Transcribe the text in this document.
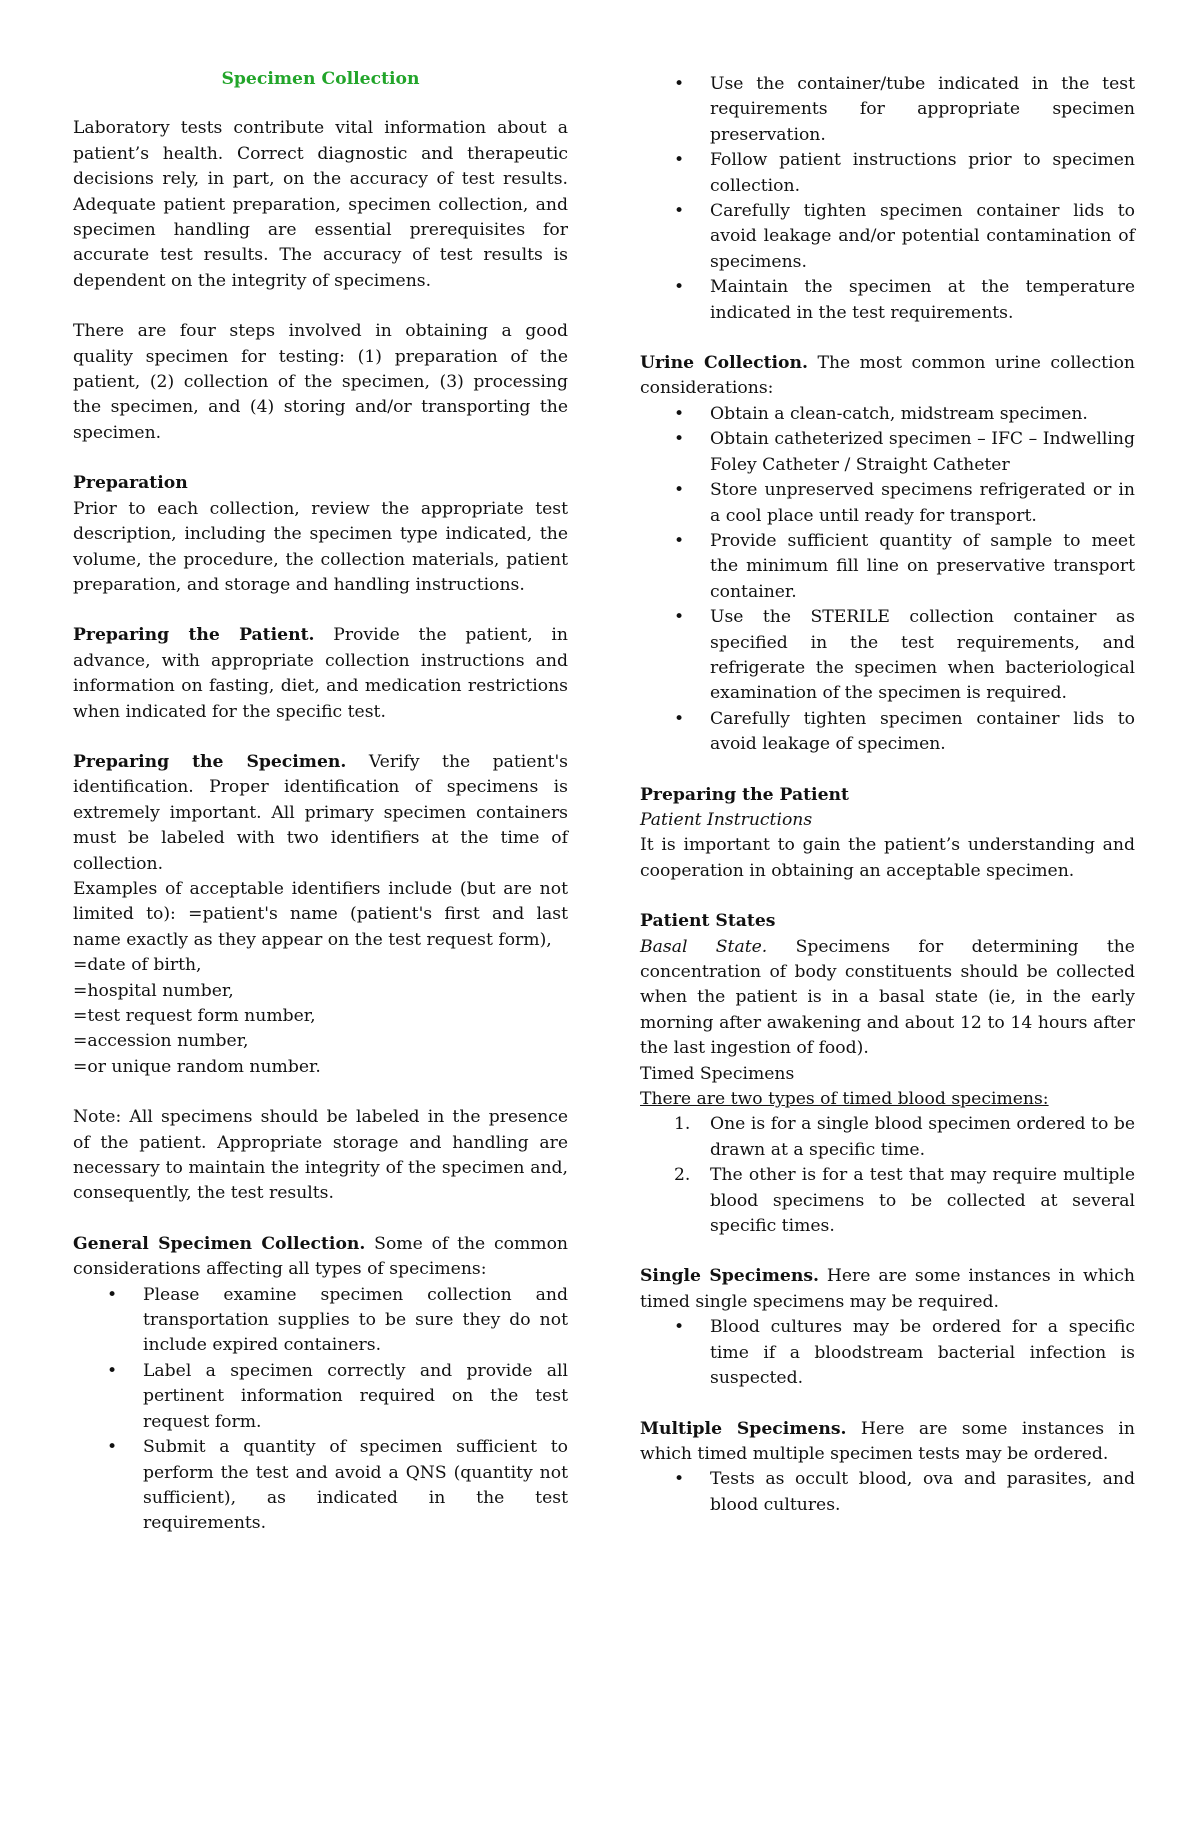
Specimen Collection

Laboratory tests contribute vital information about a patient’s health. Correct diagnostic and therapeutic decisions rely, in part, on the accuracy of test results. Adequate patient preparation, specimen collection, and specimen handling are essential prerequisites for accurate test results. The accuracy of test results is dependent on the integrity of specimens.

There are four steps involved in obtaining a good quality specimen for testing: (1) preparation of the patient, (2) collection of the specimen, (3) processing the specimen, and (4) storing and/or transporting the specimen.

Preparation

Prior to each collection, review the appropriate test description, including the specimen type indicated, the volume, the procedure, the collection materials, patient preparation, and storage and handling instructions.

Preparing the Patient. Provide the patient, in advance, with appropriate collection instructions and information on fasting, diet, and medication restrictions when indicated for the specific test.

Preparing the Specimen. Verify the patient's identification. Proper identification of specimens is extremely important. All primary specimen containers must be labeled with two identifiers at the time of collection.

Examples of acceptable identifiers include (but are not limited to): =patient's name (patient's first and last name exactly as they appear on the test request form),

=date of birth,

=hospital number,

=test request form number,

=accession number,

=or unique random number.

Note: All specimens should be labeled in the presence of the patient. Appropriate storage and handling are necessary to maintain the integrity of the specimen and, consequently, the test results.

General Specimen Collection. Some of the common considerations affecting all types of specimens:

• Please examine specimen collection and transportation supplies to be sure they do not include expired containers.
• Label a specimen correctly and provide all pertinent information required on the test request form.
• Submit a quantity of specimen sufficient to perform the test and avoid a QNS (quantity not sufficient), as indicated in the test requirements.
• Use the container/tube indicated in the test requirements for appropriate specimen preservation.
• Follow patient instructions prior to specimen collection.
• Carefully tighten specimen container lids to avoid leakage and/or potential contamination of specimens.
• Maintain the specimen at the temperature indicated in the test requirements.

Urine Collection. The most common urine collection considerations:

• Obtain a clean-catch, midstream specimen.
• Obtain catheterized specimen – IFC – Indwelling Foley Catheter / Straight Catheter
• Store unpreserved specimens refrigerated or in a cool place until ready for transport.
• Provide sufficient quantity of sample to meet the minimum fill line on preservative transport container.
• Use the STERILE collection container as specified in the test requirements, and refrigerate the specimen when bacteriological examination of the specimen is required.
• Carefully tighten specimen container lids to avoid leakage of specimen.

Preparing the Patient

Patient Instructions

It is important to gain the patient’s understanding and cooperation in obtaining an acceptable specimen.

Patient States

Basal State. Specimens for determining the concentration of body constituents should be collected when the patient is in a basal state (ie, in the early morning after awakening and about 12 to 14 hours after the last ingestion of food).

Timed Specimens

There are two types of timed blood specimens:

1. One is for a single blood specimen ordered to be drawn at a specific time.
2. The other is for a test that may require multiple blood specimens to be collected at several specific times.

Single Specimens. Here are some instances in which timed single specimens may be required.

• Blood cultures may be ordered for a specific time if a bloodstream bacterial infection is suspected.

Multiple Specimens. Here are some instances in which timed multiple specimen tests may be ordered.

• Tests as occult blood, ova and parasites, and blood cultures.
